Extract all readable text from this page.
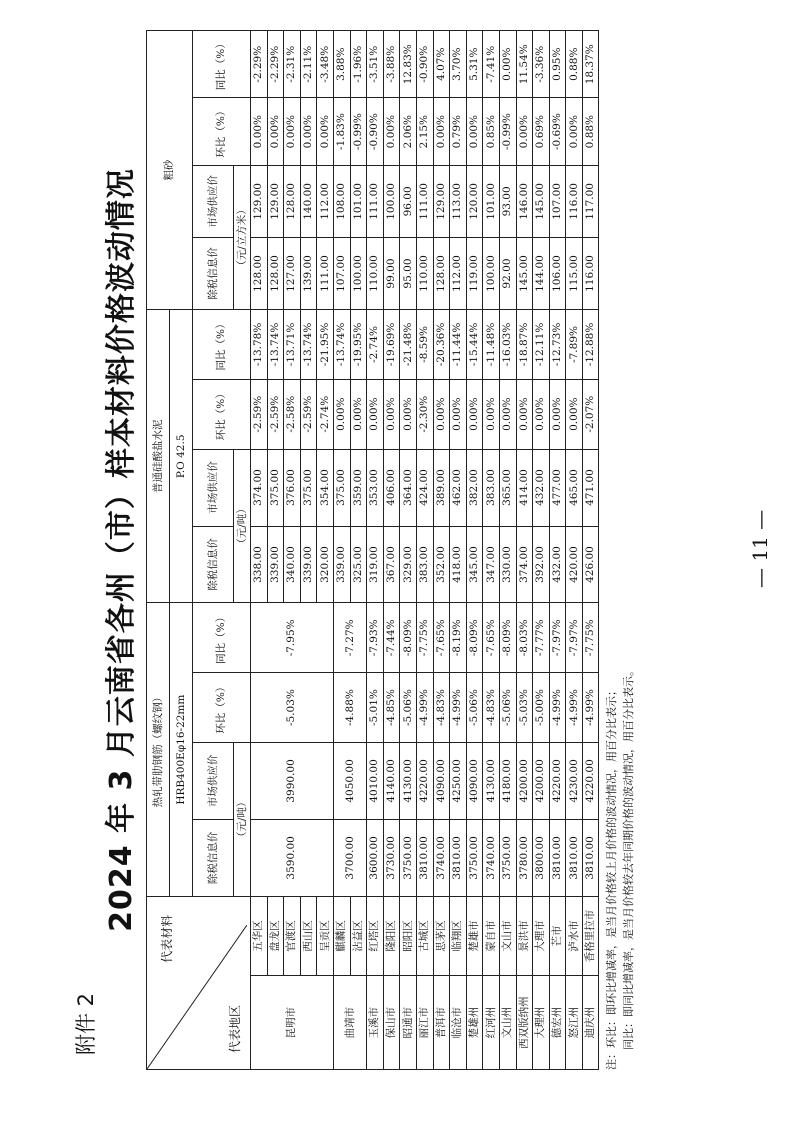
附件 2
— 11 —
2024 年 3 月云南省各州（市）样本材料价格波动情况
代表材料
代表地区		热轧带肋钢筋（螺纹钢）				普通硅酸盐水泥				粗砂			
		HRB400Eφ16-22mm				P.O 42.5							
		除税信息价	市场供应价	环比（%）	同比（%）	除税信息价	市场供应价	环比（%）	同比（%）	除税信息价	市场供应价	环比（%）	同比（%）
		（元/吨）				（元/吨）				（元/立方米）			
昆明市	五华区	3590.00	3990.00	-5.03%	-7.95%	338.00	374.00	-2.59%	-13.78%	128.00	129.00	0.00%	-2.29%
	盘龙区					339.00	375.00	-2.59%	-13.74%	128.00	129.00	0.00%	-2.29%
	官渡区					340.00	376.00	-2.58%	-13.71%	127.00	128.00	0.00%	-2.31%
	西山区					339.00	375.00	-2.59%	-13.74%	139.00	140.00	0.00%	-2.11%
	呈贡区					320.00	354.00	-2.74%	-21.95%	111.00	112.00	0.00%	-3.48%
曲靖市	麒麟区	3700.00	4050.00	-4.88%	-7.27%	339.00	375.00	0.00%	-13.74%	107.00	108.00	-1.83%	3.88%
	沾益区					325.00	359.00	0.00%	-19.95%	100.00	101.00	-0.99%	-1.96%
玉溪市	红塔区	3600.00	4010.00	-5.01%	-7.93%	319.00	353.00	0.00%	-2.74%	110.00	111.00	-0.90%	-3.51%
保山市	隆阳区	3730.00	4140.00	-4.85%	-7.44%	367.00	406.00	0.00%	-19.69%	99.00	100.00	0.00%	-3.88%
昭通市	昭阳区	3750.00	4130.00	-5.06%	-8.09%	329.00	364.00	0.00%	-21.48%	95.00	96.00	2.06%	12.83%
丽江市	古城区	3810.00	4220.00	-4.99%	-7.75%	383.00	424.00	-2.30%	-8.59%	110.00	111.00	2.15%	-0.90%
普洱市	思茅区	3740.00	4090.00	-4.83%	-7.65%	352.00	389.00	0.00%	-20.36%	128.00	129.00	0.00%	4.07%
临沧市	临翔区	3810.00	4250.00	-4.99%	-8.19%	418.00	462.00	0.00%	-11.44%	112.00	113.00	0.79%	3.70%
楚雄州	楚雄市	3750.00	4090.00	-5.06%	-8.09%	345.00	382.00	0.00%	-15.44%	119.00	120.00	0.00%	5.31%
红河州	蒙自市	3740.00	4130.00	-4.83%	-7.65%	347.00	383.00	0.00%	-11.48%	100.00	101.00	0.85%	-7.41%
文山州	文山市	3750.00	4180.00	-5.06%	-8.09%	330.00	365.00	0.00%	-16.03%	92.00	93.00	-0.99%	0.00%
西双版纳州	景洪市	3780.00	4200.00	-5.03%	-8.03%	374.00	414.00	0.00%	-18.87%	145.00	146.00	0.00%	11.54%
大理州	大理市	3800.00	4200.00	-5.00%	-7.77%	392.00	432.00	0.00%	-12.11%	144.00	145.00	0.69%	-3.36%
德宏州	芒市	3810.00	4220.00	-4.99%	-7.97%	432.00	477.00	0.00%	-12.73%	106.00	107.00	-0.69%	0.95%
怒江州	泸水市	3810.00	4230.00	-4.99%	-7.97%	420.00	465.00	0.00%	-7.89%	115.00	116.00	0.00%	0.88%
迪庆州	香格里拉市	3810.00	4220.00	-4.99%	-7.75%	426.00	471.00	-2.07%	-12.88%	116.00	117.00	0.88%	18.37%
注：环比：即环比增减率，是当月价格较上月价格的波动情况，用百分比表示； 同比：即同比增减率，是当月价格较去年同期价格的波动情况，用百分比表示。
